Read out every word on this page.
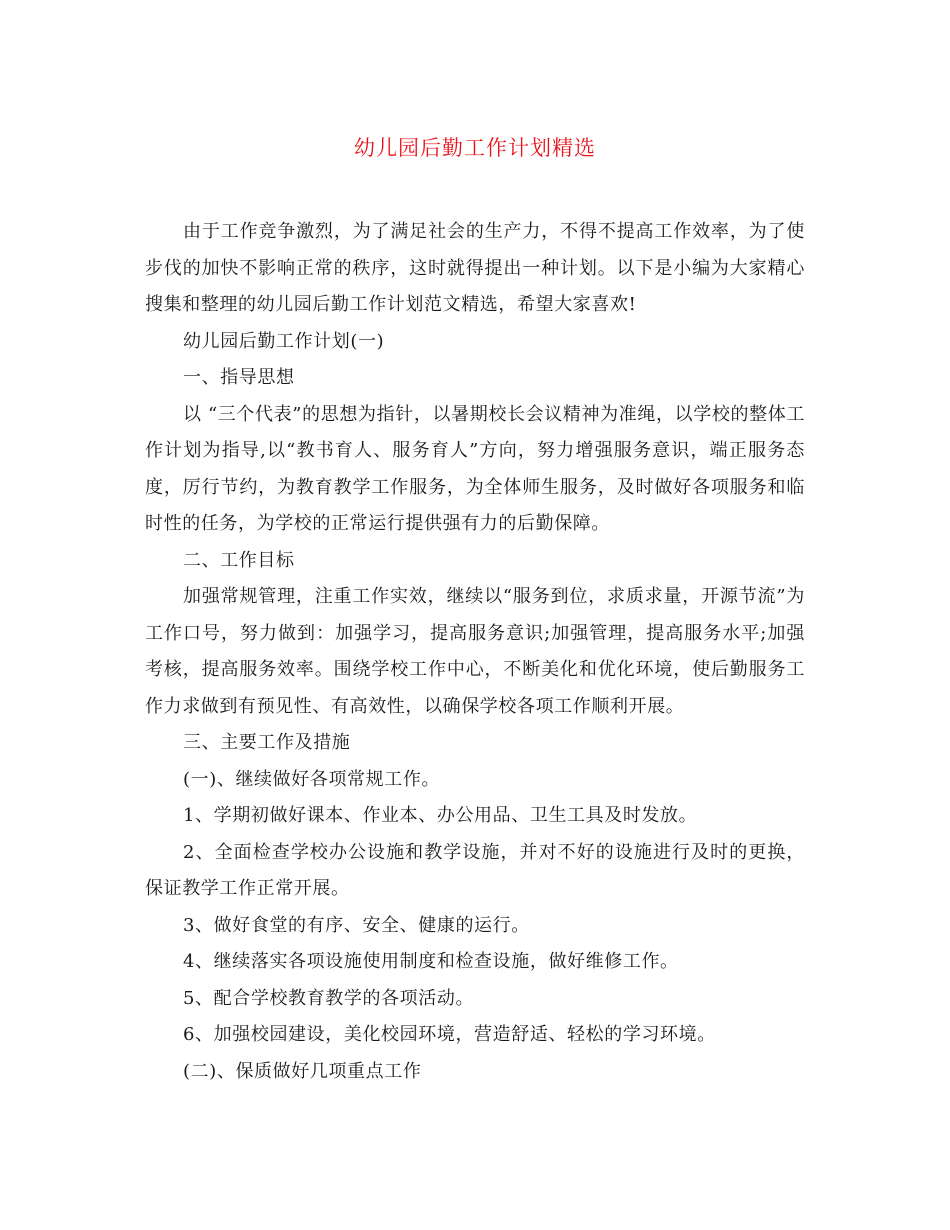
幼儿园后勤工作计划精选

由于工作竞争激烈，为了满足社会的生产力，不得不提高工作效率，为了使步伐的加快不影响正常的秩序，这时就得提出一种计划。以下是小编为大家精心搜集和整理的幼儿园后勤工作计划范文精选，希望大家喜欢!

幼儿园后勤工作计划(一)

一、指导思想

以 “三个代表”的思想为指针，以暑期校长会议精神为准绳，以学校的整体工作计划为指导,以“教书育人、服务育人”方向，努力增强服务意识，端正服务态度，厉行节约，为教育教学工作服务，为全体师生服务，及时做好各项服务和临时性的任务，为学校的正常运行提供强有力的后勤保障。

二、工作目标

加强常规管理，注重工作实效，继续以“服务到位，求质求量，开源节流”为工作口号，努力做到：加强学习，提高服务意识;加强管理，提高服务水平;加强考核，提高服务效率。围绕学校工作中心，不断美化和优化环境，使后勤服务工作力求做到有预见性、有高效性，以确保学校各项工作顺利开展。

三、主要工作及措施

(一)、继续做好各项常规工作。

1、学期初做好课本、作业本、办公用品、卫生工具及时发放。

2、全面检查学校办公设施和教学设施，并对不好的设施进行及时的更换，保证教学工作正常开展。

3、做好食堂的有序、安全、健康的运行。

4、继续落实各项设施使用制度和检查设施，做好维修工作。

5、配合学校教育教学的各项活动。

6、加强校园建设，美化校园环境，营造舒适、轻松的学习环境。

(二)、保质做好几项重点工作
